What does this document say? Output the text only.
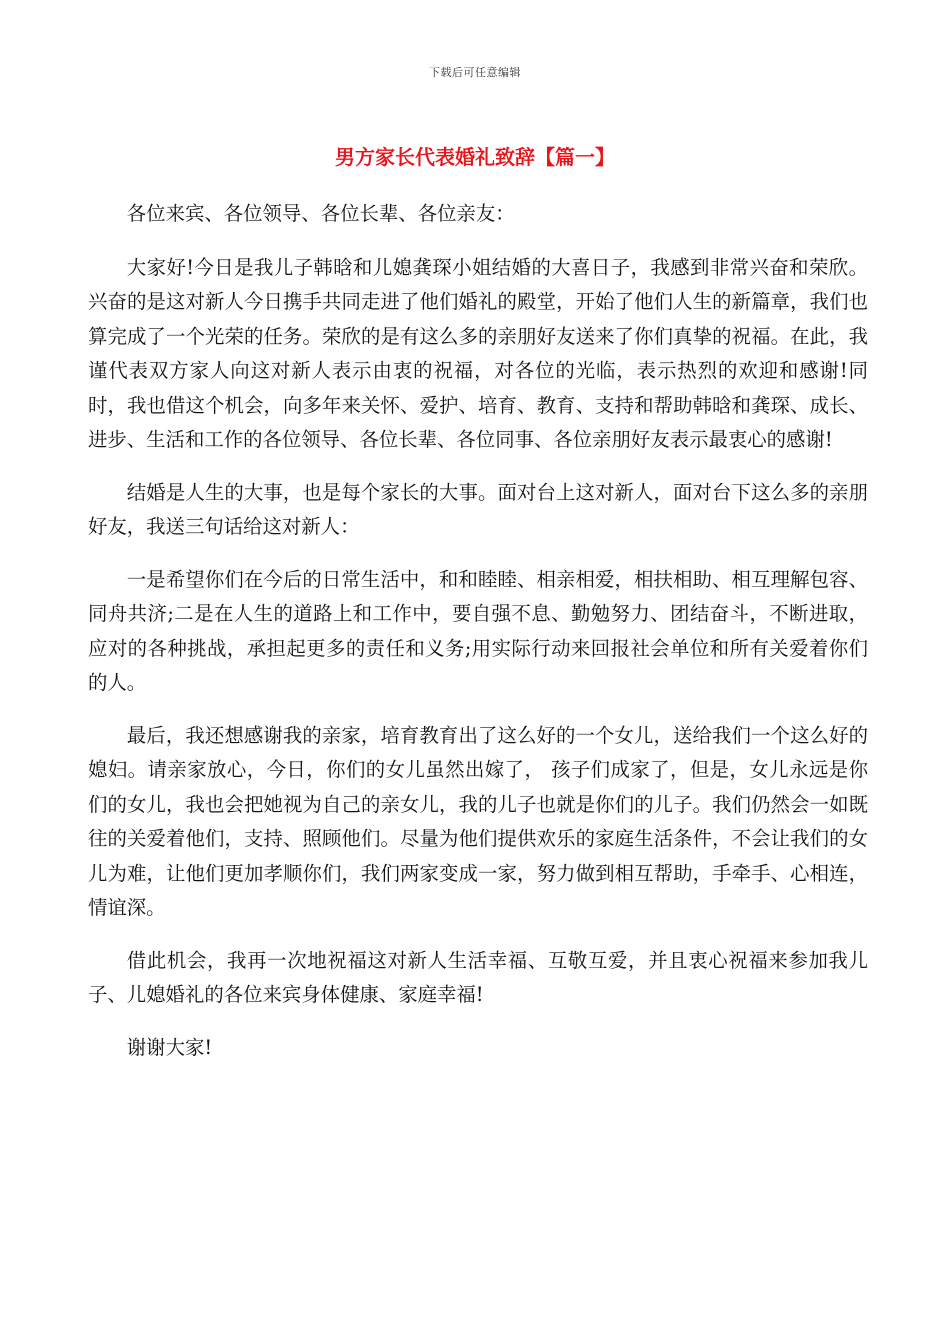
下载后可任意编辑
男方家长代表婚礼致辞【篇一】

各位来宾、各位领导、各位长辈、各位亲友：

大家好!今日是我儿子韩晗和儿媳龚琛小姐结婚的大喜日子，我感到非常兴奋和荣欣。兴奋的是这对新人今日携手共同走进了他们婚礼的殿堂，开始了他们人生的新篇章，我们也算完成了一个光荣的任务。荣欣的是有这么多的亲朋好友送来了你们真挚的祝福。在此，我谨代表双方家人向这对新人表示由衷的祝福，对各位的光临，表示热烈的欢迎和感谢!同时，我也借这个机会，向多年来关怀、爱护、培育、教育、支持和帮助韩晗和龚琛、成长、进步、生活和工作的各位领导、各位长辈、各位同事、各位亲朋好友表示最衷心的感谢!

结婚是人生的大事，也是每个家长的大事。面对台上这对新人，面对台下这么多的亲朋好友，我送三句话给这对新人：

一是希望你们在今后的日常生活中，和和睦睦、相亲相爱，相扶相助、相互理解包容、同舟共济;二是在人生的道路上和工作中，要自强不息、勤勉努力、团结奋斗，不断进取，应对的各种挑战，承担起更多的责任和义务;用实际行动来回报社会单位和所有关爱着你们的人。

最后，我还想感谢我的亲家，培育教育出了这么好的一个女儿，送给我们一个这么好的媳妇。请亲家放心，今日，你们的女儿虽然出嫁了， 孩子们成家了，但是，女儿永远是你们的女儿，我也会把她视为自己的亲女儿，我的儿子也就是你们的儿子。我们仍然会一如既往的关爱着他们，支持、照顾他们。尽量为他们提供欢乐的家庭生活条件，不会让我们的女儿为难，让他们更加孝顺你们，我们两家变成一家，努力做到相互帮助，手牵手、心相连，情谊深。

借此机会，我再一次地祝福这对新人生活幸福、互敬互爱，并且衷心祝福来参加我儿子、儿媳婚礼的各位来宾身体健康、家庭幸福!

谢谢大家!
